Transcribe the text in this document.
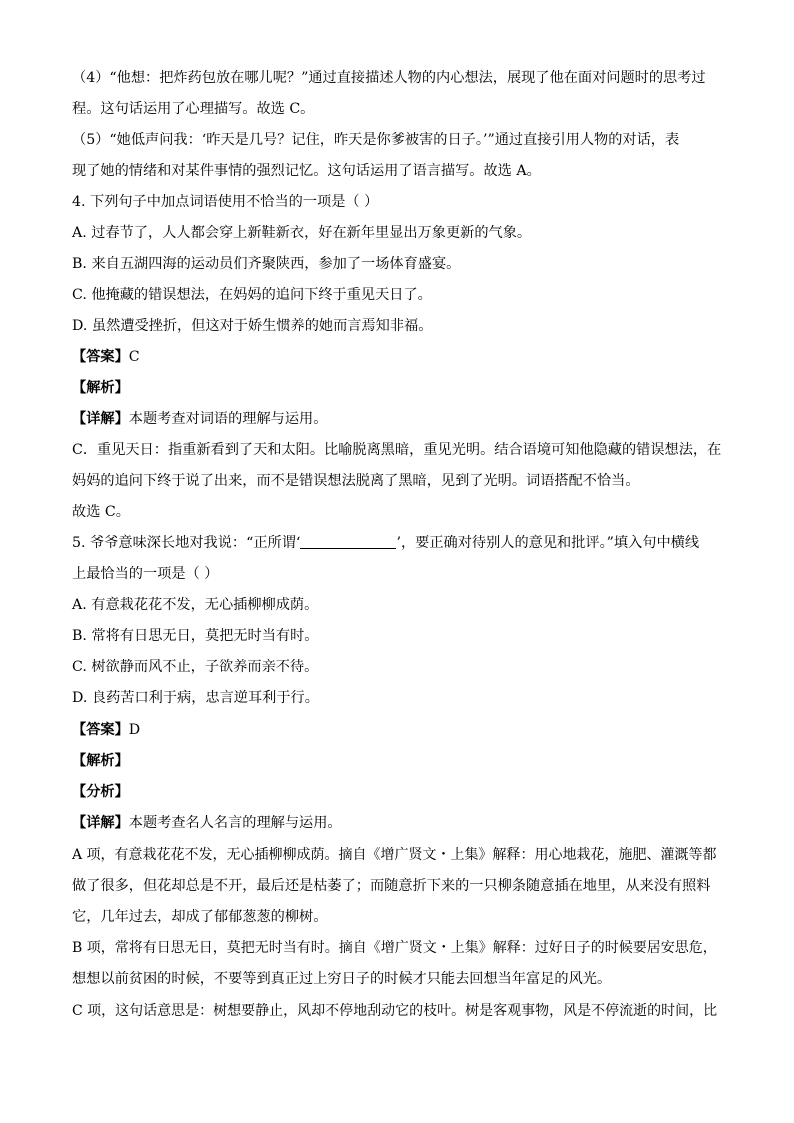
（4）“他想：把炸药包放在哪儿呢？”通过直接描述人物的内心想法，展现了他在面对问题时的思考过
程。这句话运用了心理描写。故选 C。
（5）“她低声问我：‘昨天是几号？记住，昨天是你爹被害的日子。’”通过直接引用人物的对话，表
现了她的情绪和对某件事情的强烈记忆。这句话运用了语言描写。故选 A。
4. 下列句子中加点词语使用不恰当的一项是（ ）
A. 过春节了，人人都会穿上新鞋新衣，好在新年里显出万象更新的气象。
B. 来自五湖四海的运动员们齐聚陕西，参加了一场体育盛宴。
C. 他掩藏的错误想法，在妈妈的追问下终于重见天日了。
D. 虽然遭受挫折，但这对于娇生惯养的她而言焉知非福。
【答案】C
【解析】
【详解】本题考查对词语的理解与运用。
C．重见天日：指重新看到了天和太阳。比喻脱离黑暗，重见光明。结合语境可知他隐藏的错误想法，在
妈妈的追问下终于说了出来，而不是错误想法脱离了黑暗，见到了光明。词语搭配不恰当。
故选 C。
5. 爷爷意味深长地对我说：“正所谓‘	’，要正确对待别人的意见和批评。”填入句中横线
上最恰当的一项是（ ）
A. 有意栽花花不发，无心插柳柳成荫。
B. 常将有日思无日，莫把无时当有时。
C. 树欲静而风不止，子欲养而亲不待。
D. 良药苦口利于病，忠言逆耳利于行。
【答案】D
【解析】
【分析】
【详解】本题考查名人名言的理解与运用。
A 项，有意栽花花不发，无心插柳柳成荫。摘自《增广贤文・上集》解释：用心地栽花，施肥、灌溉等都
做了很多，但花却总是不开，最后还是枯萎了；而随意折下来的一只柳条随意插在地里，从来没有照料
它，几年过去，却成了郁郁葱葱的柳树。
B 项，常将有日思无日，莫把无时当有时。摘自《增广贤文・上集》解释：过好日子的时候要居安思危，
想想以前贫困的时候，不要等到真正过上穷日子的时候才只能去回想当年富足的风光。
C 项，这句话意思是：树想要静止，风却不停地刮动它的枝叶。树是客观事物，风是不停流逝的时间，比
